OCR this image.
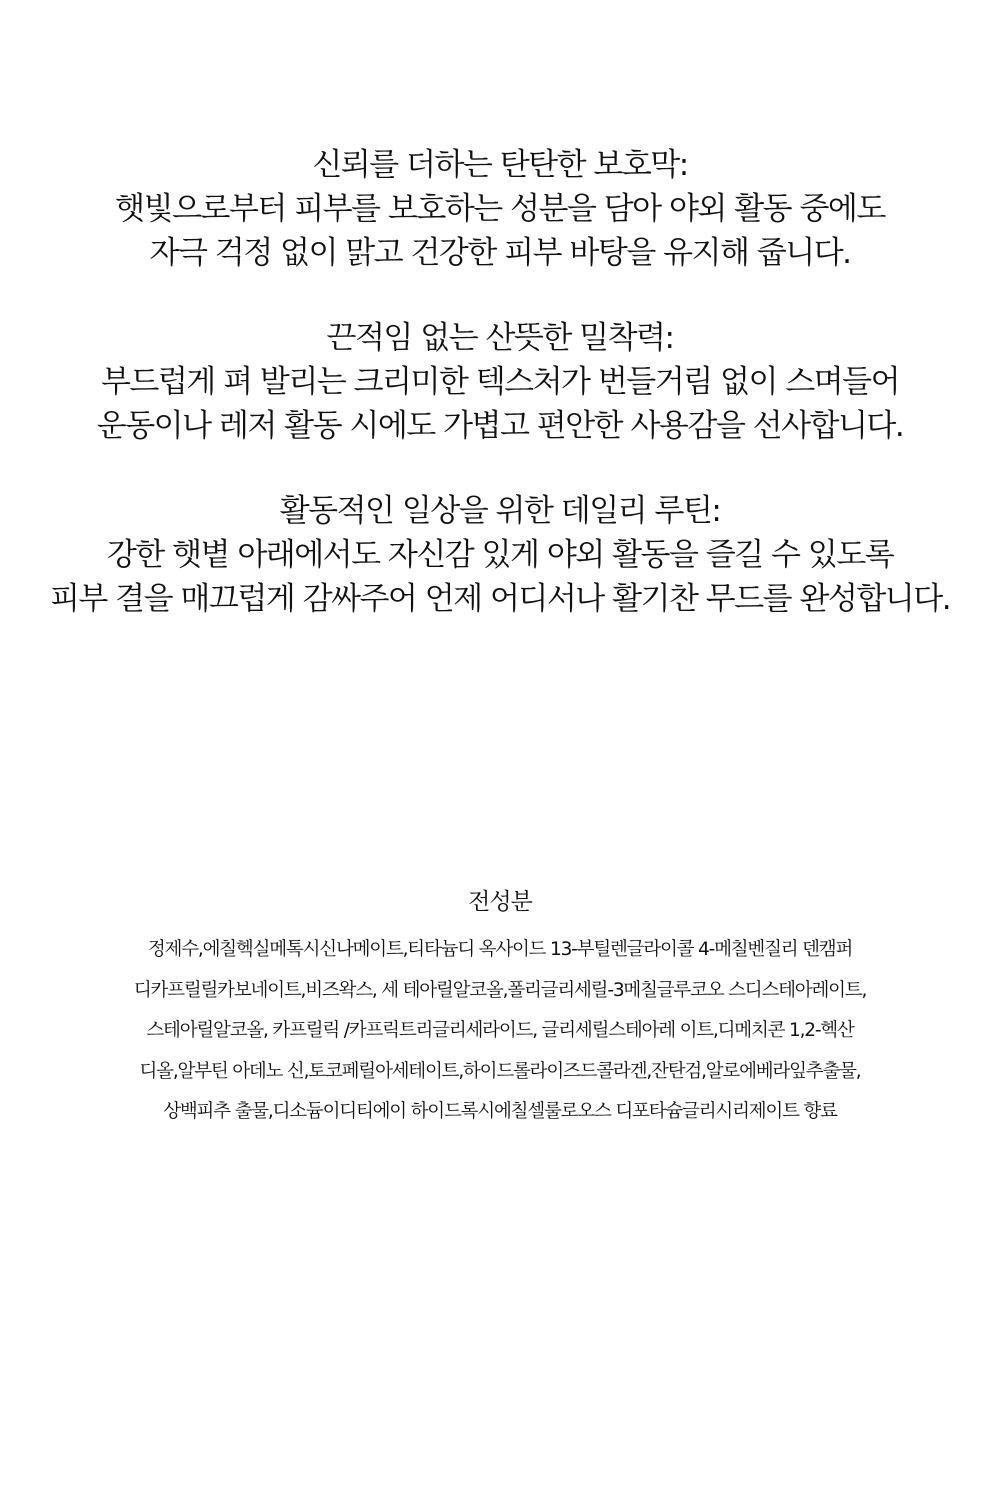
신뢰를 더하는 탄탄한 보호막:
햇빛으로부터 피부를 보호하는 성분을 담아 야외 활동 중에도
자극 걱정 없이 맑고 건강한 피부 바탕을 유지해 줍니다.
끈적임 없는 산뜻한 밀착력:
부드럽게 펴 발리는 크리미한 텍스처가 번들거림 없이 스며들어
운동이나 레저 활동 시에도 가볍고 편안한 사용감을 선사합니다.
활동적인 일상을 위한 데일리 루틴:
강한 햇볕 아래에서도 자신감 있게 야외 활동을 즐길 수 있도록
피부 결을 매끄럽게 감싸주어 언제 어디서나 활기찬 무드를 완성합니다.
전성분
정제수,에칠헥실메톡시신나메이트,티타늄디 옥사이드 13-부틸렌글라이콜 4-메칠벤질리 덴캠퍼
디카프릴릴카보네이트,비즈왁스, 세 테아릴알코올,폴리글리세릴-3메칠글루코오 스디스테아레이트,
스테아릴알코올, 카프릴릭 /카프릭트리글리세라이드, 글리세릴스테아레 이트,디메치콘 1,2-헥산
디올,알부틴 아데노 신,토코페릴아세테이트,하이드롤라이즈드콜라겐,잔탄검,알로에베라잎추출물,
상백피추 출물,디소듐이디티에이 하이드록시에칠셀룰로오스 디포타슘글리시리제이트 향료
